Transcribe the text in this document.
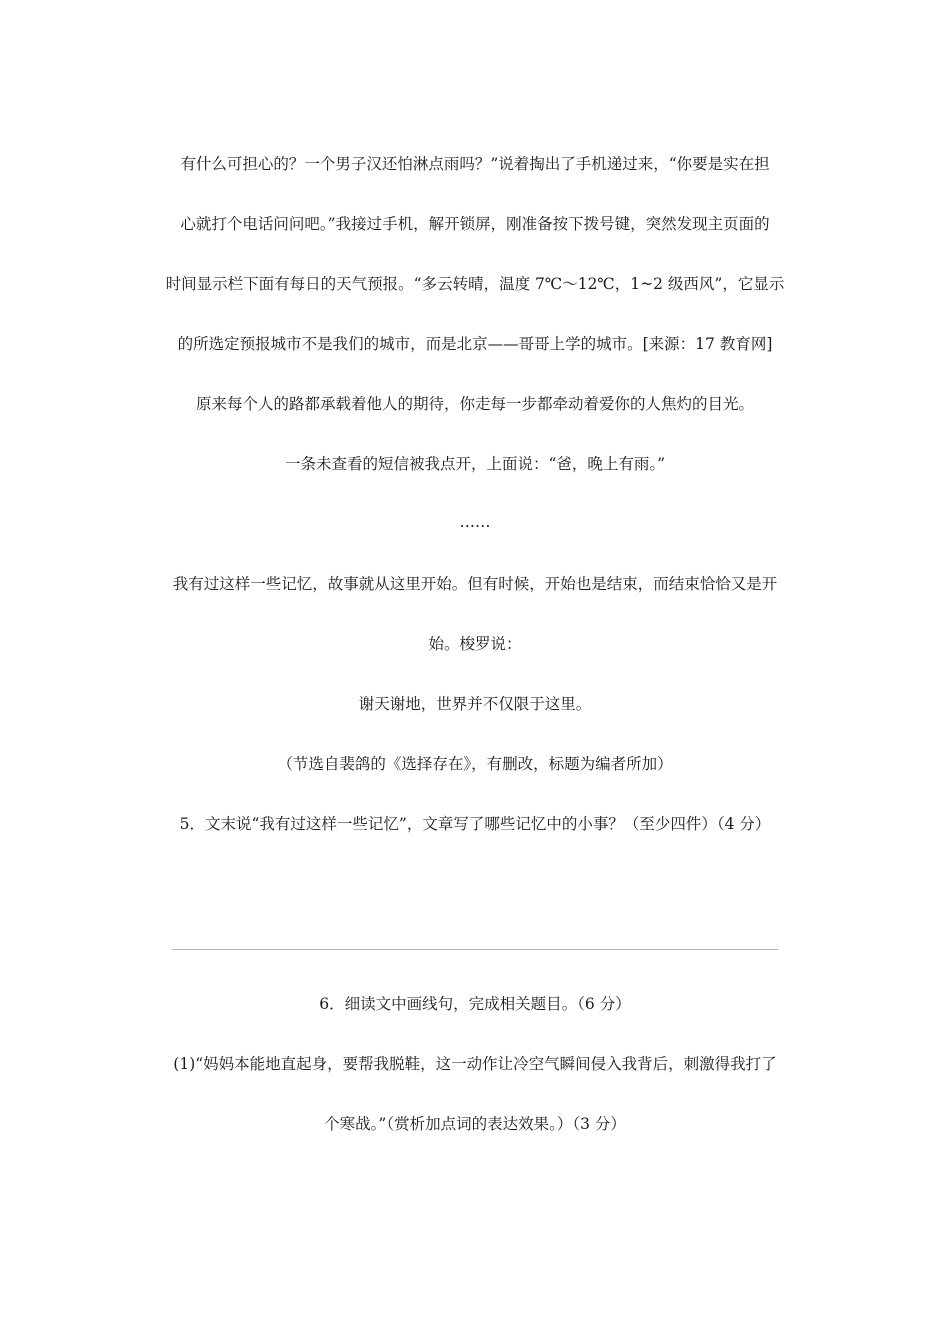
有什么可担心的？一个男子汉还怕淋点雨吗？”说着掏出了手机递过来，“你要是实在担
心就打个电话问问吧。”我接过手机，解开锁屏，刚准备按下拨号键，突然发现主页面的
时间显示栏下面有每日的天气预报。“多云转晴，温度 7℃～12℃，1~2 级西风”，它显示
的所选定预报城市不是我们的城市，而是北京——哥哥上学的城市。[来源：17 教育网]
原来每个人的路都承载着他人的期待，你走每一步都牵动着爱你的人焦灼的目光。
一条未查看的短信被我点开，上面说：“爸，晚上有雨。”
……
我有过这样一些记忆，故事就从这里开始。但有时候，开始也是结束，而结束恰恰又是开
始。梭罗说：
谢天谢地，世界并不仅限于这里。
（节选自裴鸽的《选择存在》，有删改，标题为编者所加）
5．文末说“我有过这样一些记忆”，文章写了哪些记忆中的小事？（至少四件）（4 分）
6．细读文中画线句，完成相关题目。（6 分）
(1)“妈妈本能地直起身，要帮我脱鞋，这一动作让冷空气瞬间侵入我背后，刺激得我打了
个寒战。”（赏析加点词的表达效果。）（3 分）
